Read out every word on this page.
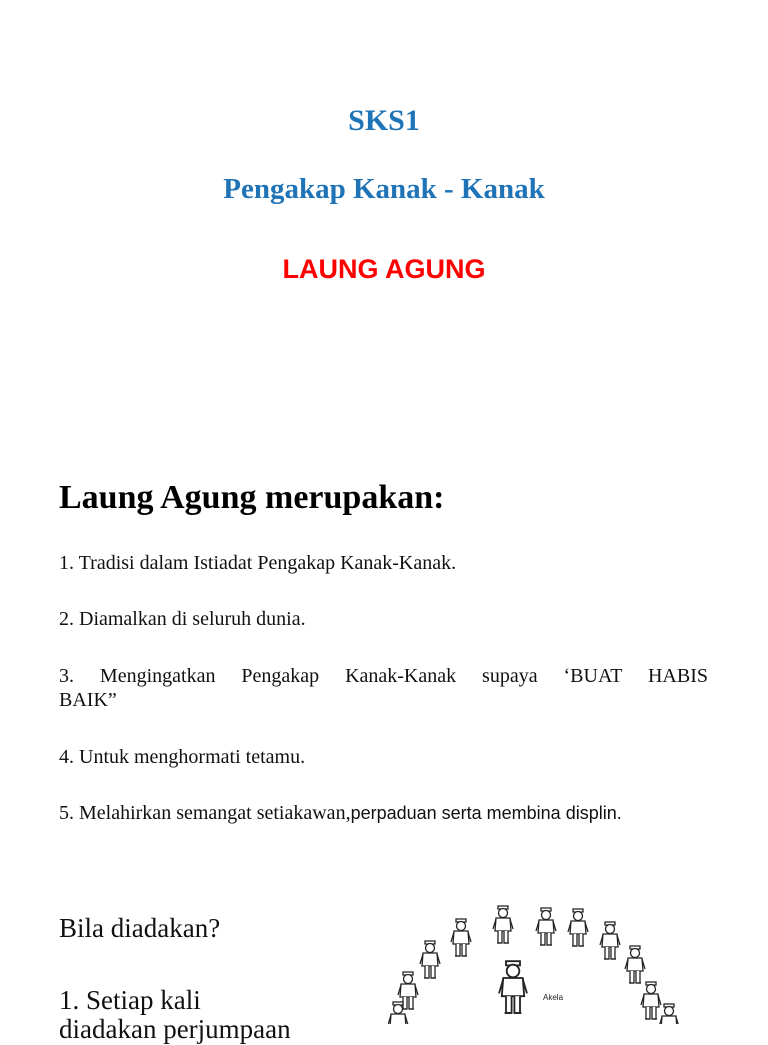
SKS1
Pengakap Kanak - Kanak
LAUNG AGUNG
Laung Agung merupakan:
1. Tradisi dalam Istiadat Pengakap Kanak-Kanak.
2. Diamalkan di seluruh dunia.
3. Mengingatkan Pengakap Kanak-Kanak supaya ‘BUAT HABIS
BAIK”
4. Untuk menghormati tetamu.
5. Melahirkan semangat setiakawan,perpaduan serta membina displin.
Bila diadakan?
1. Setiap kali
diadakan perjumpaan
Akela
